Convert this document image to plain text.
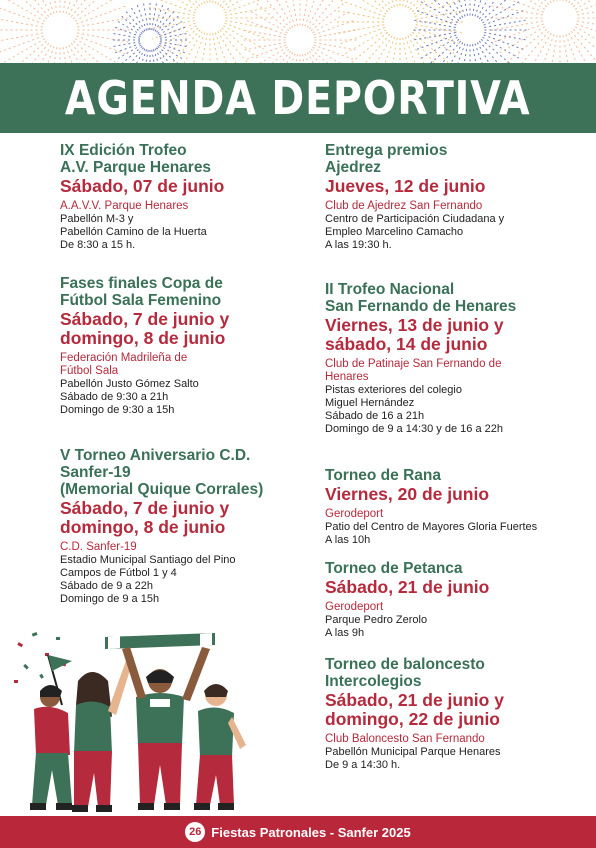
AGENDA DEPORTIVA
IX Edición Trofeo
A.V. Parque Henares
Sábado, 07 de junio
A.A.V.V. Parque Henares
Pabellón M-3 y
Pabellón Camino de la Huerta
De 8:30 a 15 h.
Fases finales Copa de
Fútbol Sala Femenino
Sábado, 7 de junio y
domingo, 8 de junio
Federación Madrileña de
Fútbol Sala
Pabellón Justo Gómez Salto
Sábado de 9:30 a 21h
Domingo de 9:30 a 15h
V Torneo Aniversario C.D.
Sanfer-19
(Memorial Quique Corrales)
Sábado, 7 de junio y
domingo, 8 de junio
C.D. Sanfer-19
Estadio Municipal Santiago del Pino
Campos de Fútbol 1 y 4
Sábado de 9 a 22h
Domingo de 9 a 15h
Entrega premios
Ajedrez
Jueves, 12 de junio
Club de Ajedrez San Fernando
Centro de Participación Ciudadana y
Empleo Marcelino Camacho
A las 19:30 h.
II Trofeo Nacional
San Fernando de Henares
Viernes, 13 de junio y
sábado, 14 de junio
Club de Patinaje San Fernando de
Henares
Pistas exteriores del colegio
Miguel Hernández
Sábado de 16 a 21h
Domingo de 9 a 14:30 y de 16 a 22h
Torneo de Rana
Viernes, 20 de junio
Gerodeport
Patio del Centro de Mayores Gloria Fuertes
A las 10h
Torneo de Petanca
Sábado, 21 de junio
Gerodeport
Parque Pedro Zerolo
A las 9h
Torneo de baloncesto
Intercolegios
Sábado, 21 de junio y
domingo, 22 de junio
Club Baloncesto San Fernando
Pabellón Municipal Parque Henares
De 9 a 14:30 h.
26 Fiestas Patronales - Sanfer 2025
